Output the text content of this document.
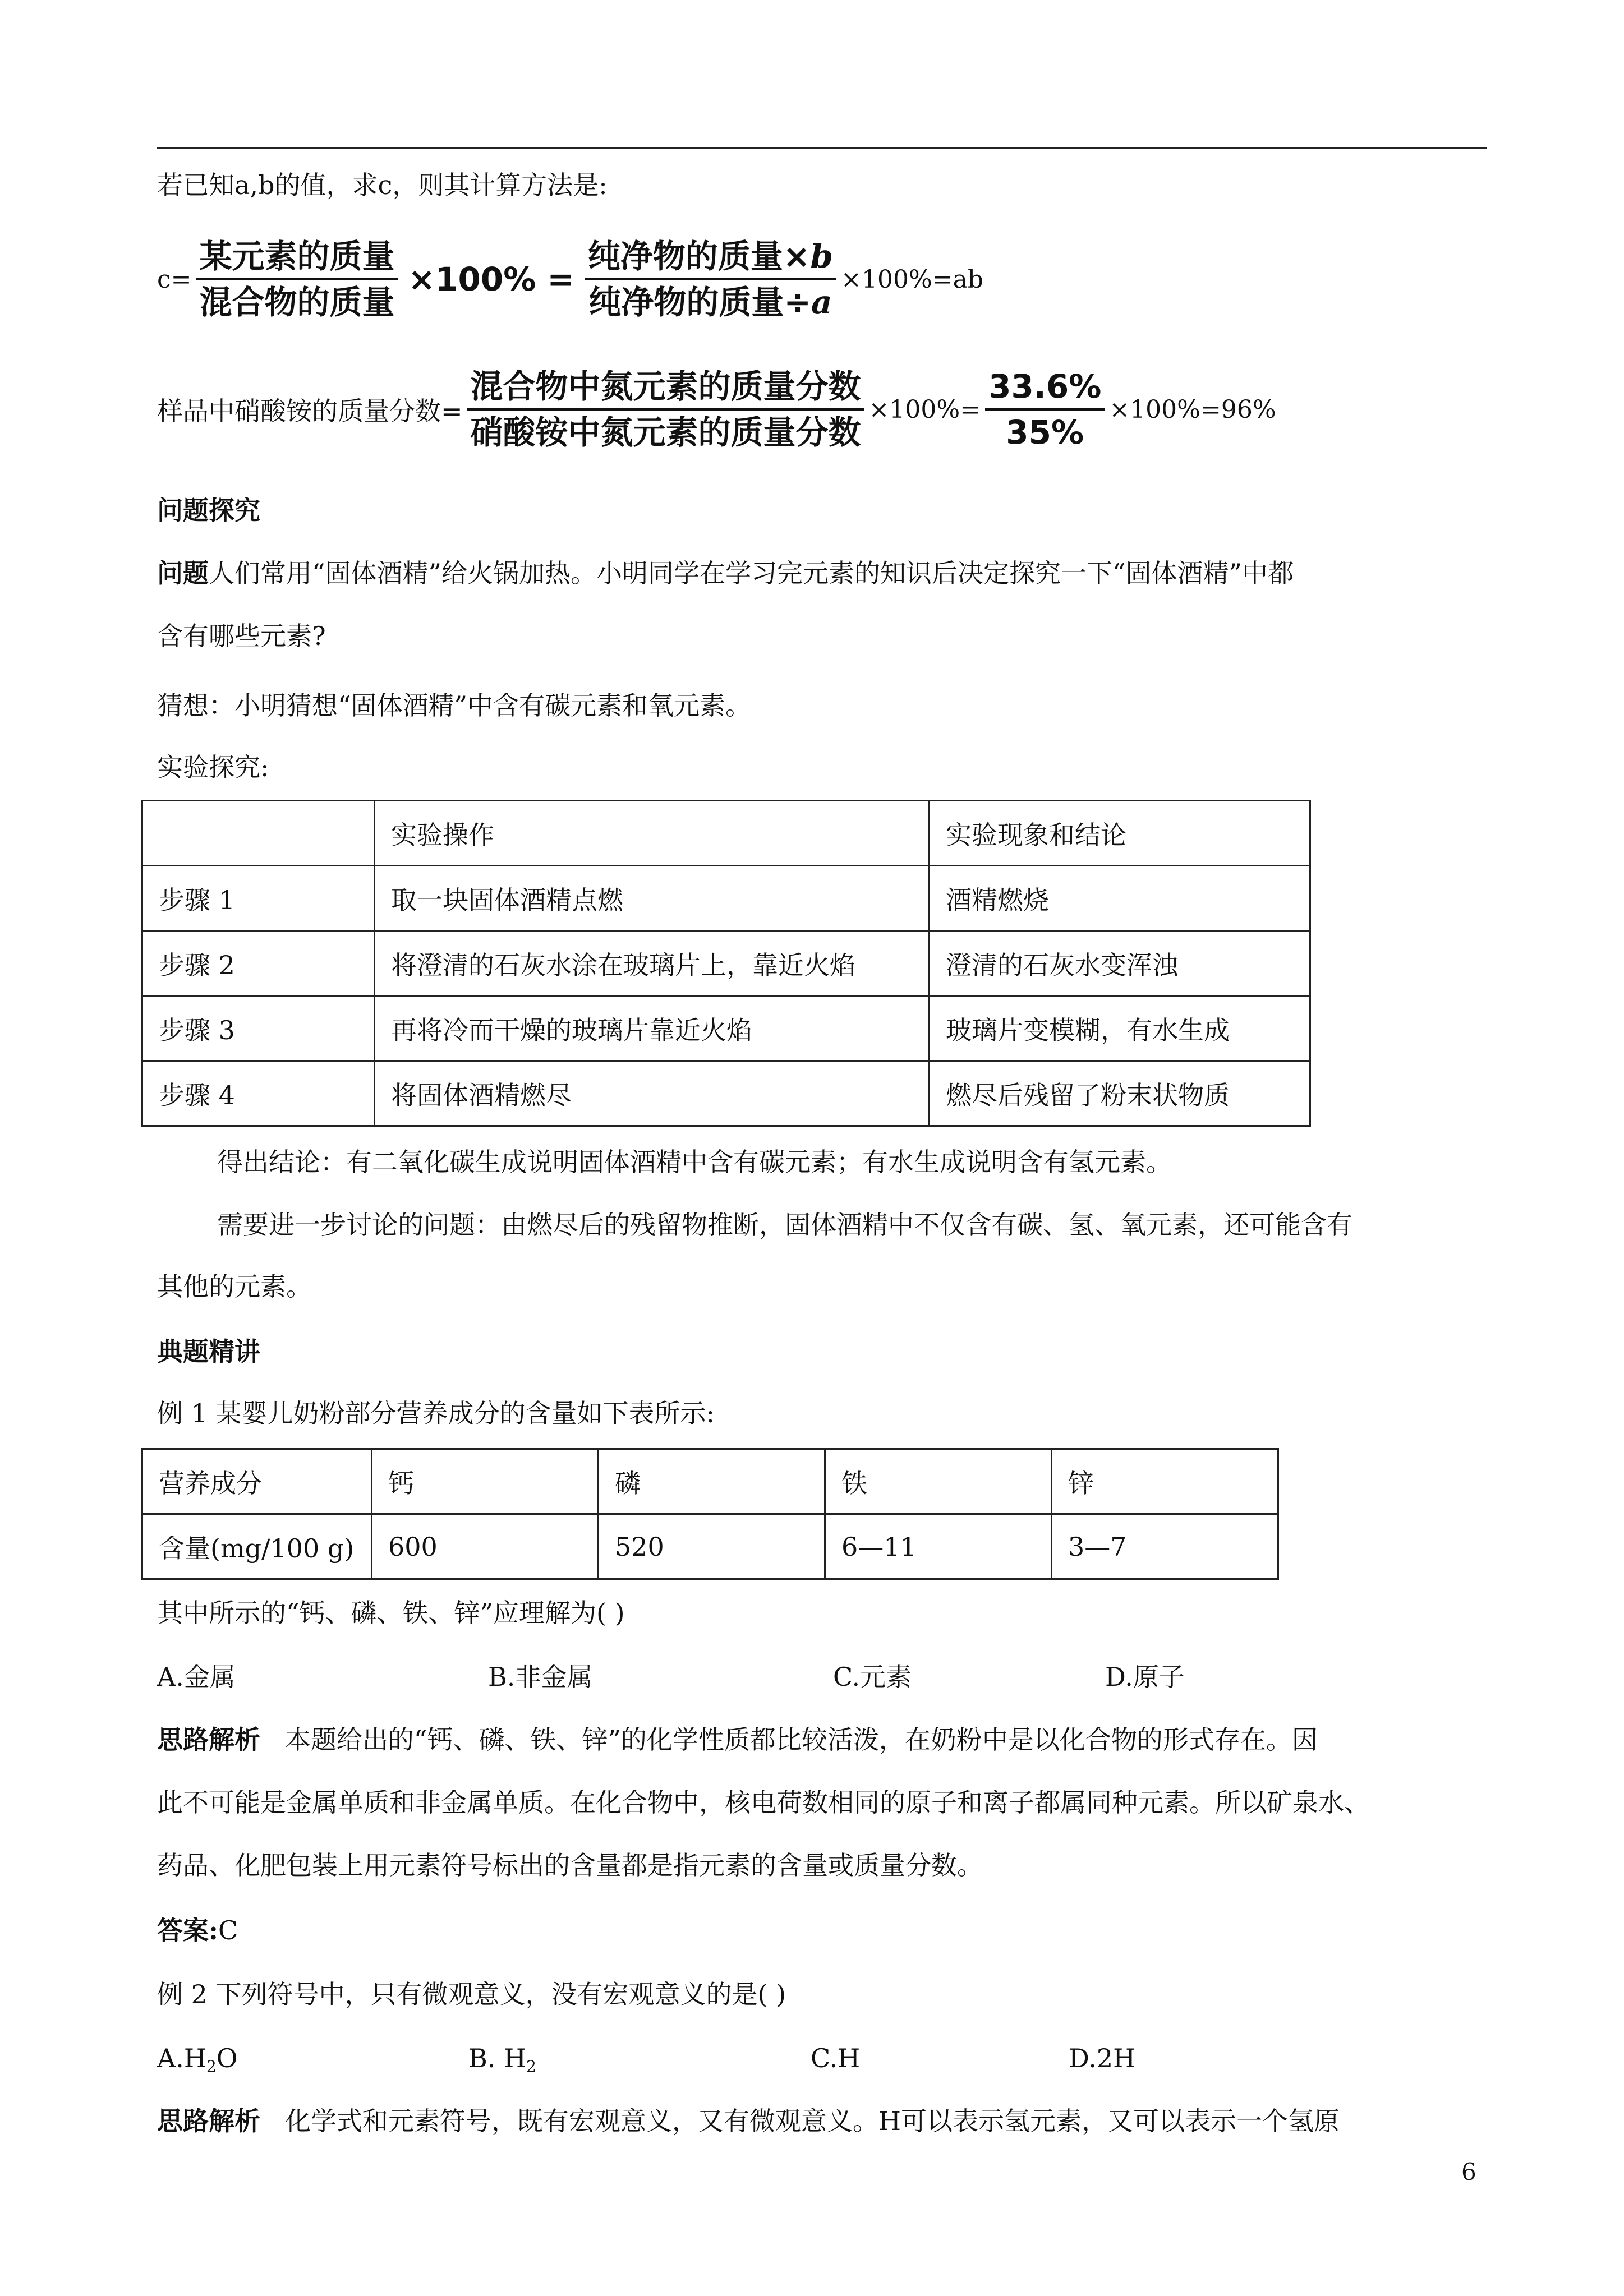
若已知a,b的值，求c，则其计算方法是:
$c= \frac{\text{某元素的质量}}{\text{混合物的质量}} \times 100\% = \frac{\text{纯净物的质量×b}}{\text{纯净物的质量÷a}} \times 100\%=ab$
样品中硝酸铵的质量分数= $\frac{\text{混合物中氮元素的质量分数}}{\text{硝酸铵中氮元素的质量分数}} \times 100\%= \frac{33.6\%}{35\%} \times 100\%=96\%$
问题探究
问题人们常用“固体酒精”给火锅加热。小明同学在学习完元素的知识后决定探究一下“固体酒精”中都
含有哪些元素?
猜想：小明猜想“固体酒精”中含有碳元素和氧元素。
实验探究:
	实验操作	实验现象和结论
步骤 1	取一块固体酒精点燃	酒精燃烧
步骤 2	将澄清的石灰水涂在玻璃片上，靠近火焰	澄清的石灰水变浑浊
步骤 3	再将冷而干燥的玻璃片靠近火焰	玻璃片变模糊，有水生成
步骤 4	将固体酒精燃尽	燃尽后残留了粉末状物质
得出结论：有二氧化碳生成说明固体酒精中含有碳元素；有水生成说明含有氢元素。
需要进一步讨论的问题：由燃尽后的残留物推断，固体酒精中不仅含有碳、氢、氧元素，还可能含有
其他的元素。
典题精讲
例 1 某婴儿奶粉部分营养成分的含量如下表所示:
营养成分	钙	磷	铁	锌
含量(mg/100 g)	600	520	6—11	3—7
其中所示的“钙、磷、铁、锌”应理解为( )
A.金属	B.非金属	C.元素	D.原子
思路解析 本题给出的“钙、磷、铁、锌”的化学性质都比较活泼，在奶粉中是以化合物的形式存在。因
此不可能是金属单质和非金属单质。在化合物中，核电荷数相同的原子和离子都属同种元素。所以矿泉水、
药品、化肥包装上用元素符号标出的含量都是指元素的含量或质量分数。
答案:C
例 2 下列符号中，只有微观意义，没有宏观意义的是( )
$A.H_2O$	B. $H_2$	C.H	D.2H
思路解析 化学式和元素符号，既有宏观意义，又有微观意义。H可以表示氢元素，又可以表示一个氢原
6
